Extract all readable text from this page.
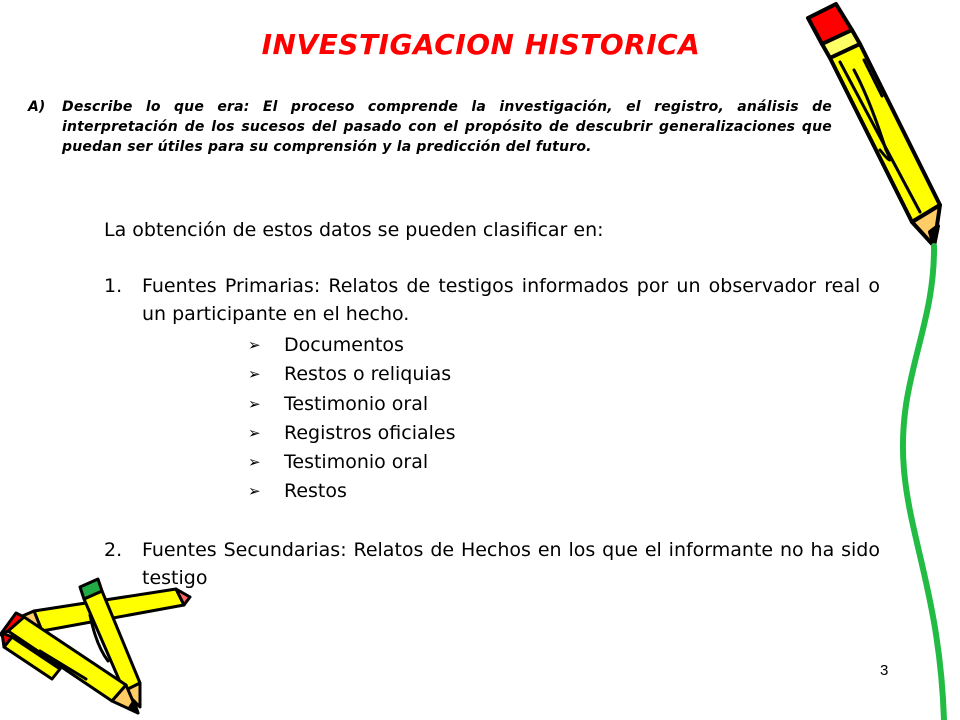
INVESTIGACION HISTORICA
A) Describe lo que era: El proceso comprende la investigación, el registro, análisis de interpretación de los sucesos del pasado con el propósito de descubrir generalizaciones que puedan ser útiles para su comprensión y la predicción del futuro.
La obtención de estos datos se pueden clasificar en:
1. Fuentes Primarias: Relatos de testigos informados por un observador real o un participante en el hecho.
➢	Documentos
➢	Restos o reliquias
➢	Testimonio oral
➢	Registros oficiales
➢	Testimonio oral
➢	Restos
2. Fuentes Secundarias: Relatos de Hechos en los que el informante no ha sido testigo
3
